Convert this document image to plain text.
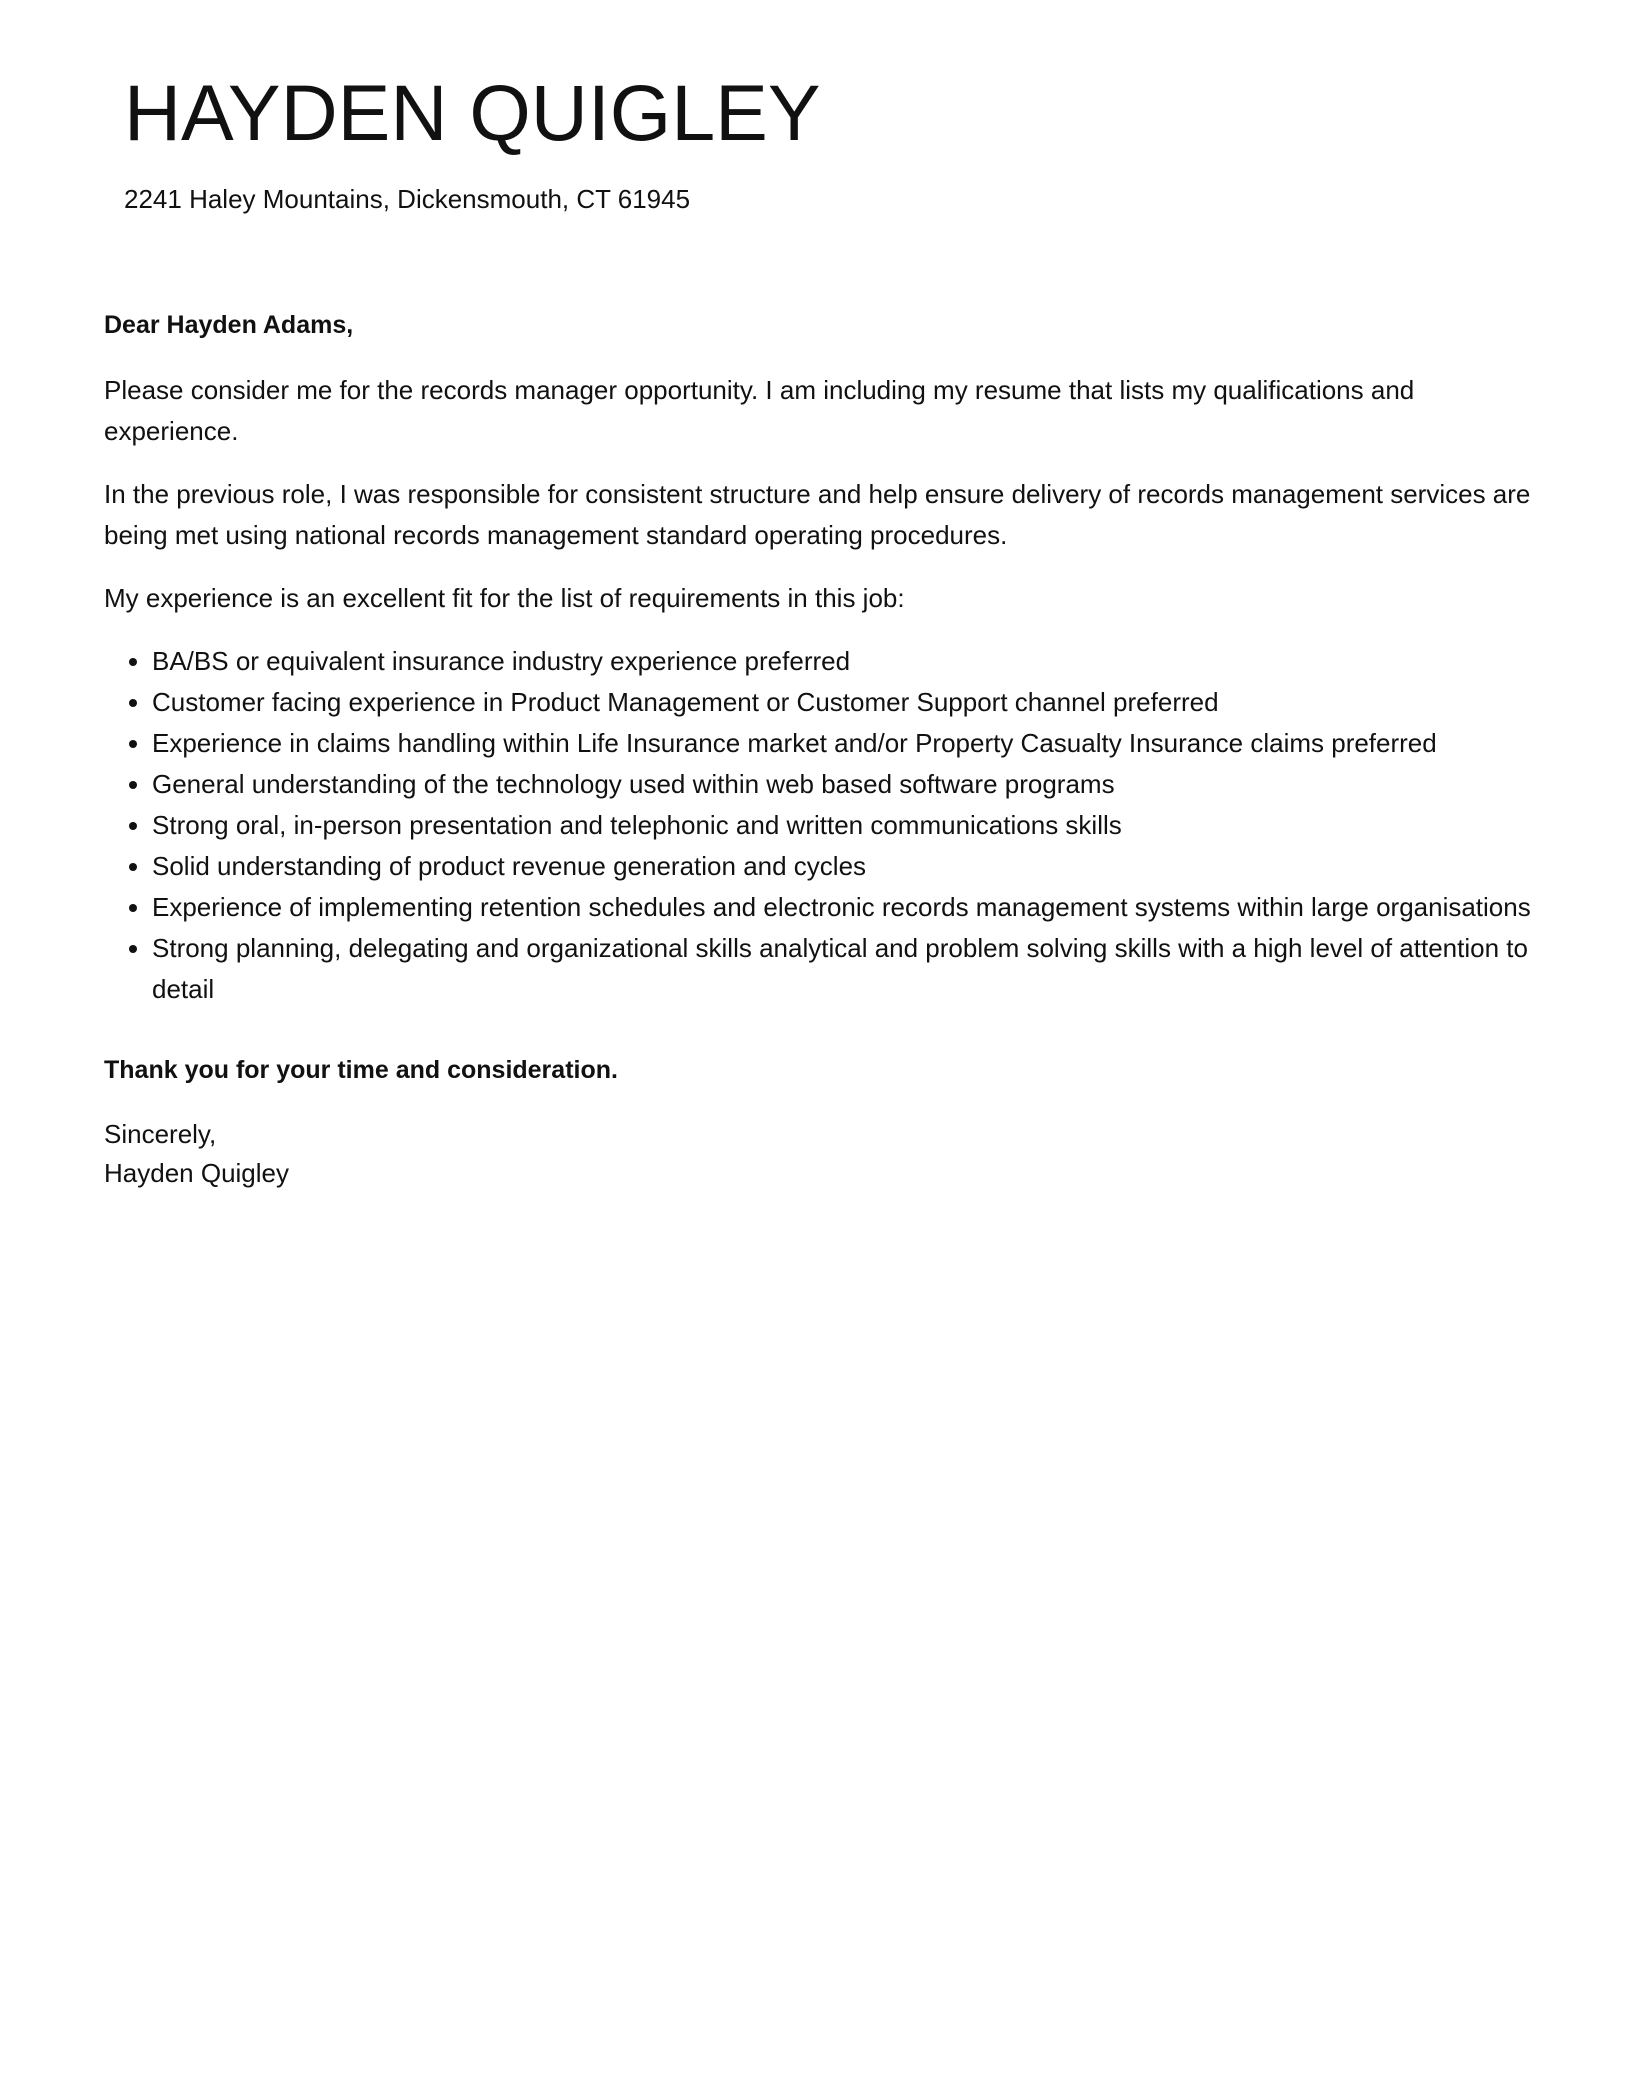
HAYDEN QUIGLEY

2241 Haley Mountains, Dickensmouth, CT 61945

Dear Hayden Adams,

Please consider me for the records manager opportunity. I am including my resume that lists my qualifications and experience.

In the previous role, I was responsible for consistent structure and help ensure delivery of records management services are being met using national records management standard operating procedures.

My experience is an excellent fit for the list of requirements in this job:

• BA/BS or equivalent insurance industry experience preferred
• Customer facing experience in Product Management or Customer Support channel preferred
• Experience in claims handling within Life Insurance market and/or Property Casualty Insurance claims preferred
• General understanding of the technology used within web based software programs
• Strong oral, in-person presentation and telephonic and written communications skills
• Solid understanding of product revenue generation and cycles
• Experience of implementing retention schedules and electronic records management systems within large organisations
• Strong planning, delegating and organizational skills analytical and problem solving skills with a high level of attention to detail

Thank you for your time and consideration.

Sincerely,
Hayden Quigley
